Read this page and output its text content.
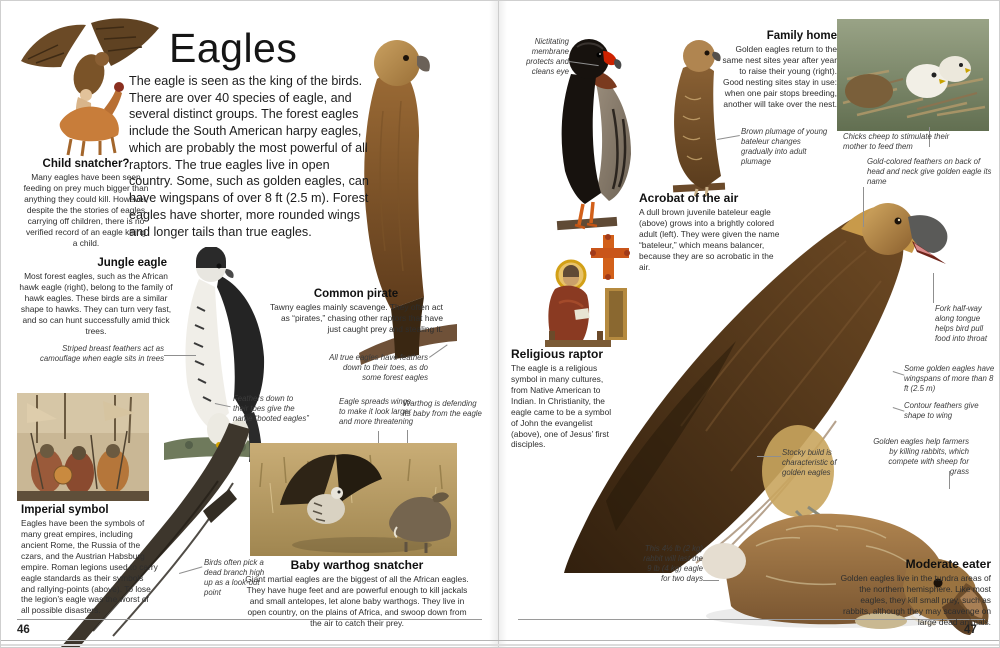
Eagles
The eagle is seen as the king of the birds. There are over 40 species of eagle, and several distinct groups. The forest eagles include the South American harpy eagles, which are probably the most powerful of all raptors. The true eagles live in open country. Some, such as golden eagles, can have wingspans of over 8 ft (2.5 m). Forest eagles have shorter, more rounded wings and longer tails than true eagles.
Child snatcher?
Many eagles have been seen feeding on prey much bigger than anything they could kill. However, despite the the stories of eagles carrying off children, there is no verified record of an eagle killing a child.
Jungle eagle
Most forest eagles, such as the African hawk eagle (right), belong to the family of hawk eagles. These birds are a similar shape to hawks. They can turn very fast, and so can hunt successfully amid thick trees.
Striped breast feathers act as camouflage when eagle sits in trees
Common pirate
Tawny eagles mainly scavenge. They often act as “pirates,” chasing other raptors that have just caught prey and stealing it.
All true eagles have feathers down to their toes, as do some forest eagles
Feathers down to their toes give the name “booted eagles”
Eagle spreads wings to make it look larger and more threatening
Warthog is defending its baby from the eagle
Imperial symbol
Eagles have been the symbols of many great empires, including ancient Rome, the Russia of the czars, and the Austrian Habsburg empire. Roman legions used to carry eagle standards as their symbols and rallying-points (above). To lose the legion’s eagle was the worst of all possible disasters.
Birds often pick a dead branch high up as a look-out point
Baby warthog snatcher
Giant martial eagles are the biggest of all the African eagles. They have huge feet and are powerful enough to kill jackals and small antelopes, let alone baby warthogs. They live in open country, on the plains of Africa, and swoop down from the air to catch their prey.
46
Nictitating membrane protects and cleans eye
Family home
Golden eagles return to the same nest sites year after year to raise their young (right). Good nesting sites stay in use: when one pair stops breeding, another will take over the nest.
Chicks cheep to stimulate their mother to feed them
Gold-colored feathers on back of head and neck give golden eagle its name
Brown plumage of young bateleur changes gradually into adult plumage
Acrobat of the air
A dull brown juvenile bateleur eagle (above) grows into a brightly colored adult (left). They were given the name “bateleur,” which means balancer, because they are so acrobatic in the air.
Religious raptor
The eagle is a religious symbol in many cultures, from Native American to Indian. In Christianity, the eagle came to be a symbol of John the evangelist (above), one of Jesus’ first disciples.
Fork half-way along tongue helps bird pull food into throat
Some golden eagles have wingspans of more than 8 ft (2.5 m)
Contour feathers give shape to wing
Golden eagles help farmers by killing rabbits, which compete with sheep for grass
Stocky build is characteristic of golden eagles
This 4½ lb (2 kg) rabbit will last the 9 lb (4 kg) eagle for two days
Moderate eater
Golden eagles live in the tundra areas of the northern hemisphere. Like most eagles, they kill small prey, such as rabbits, although they may scavenge on large dead animals.
47
